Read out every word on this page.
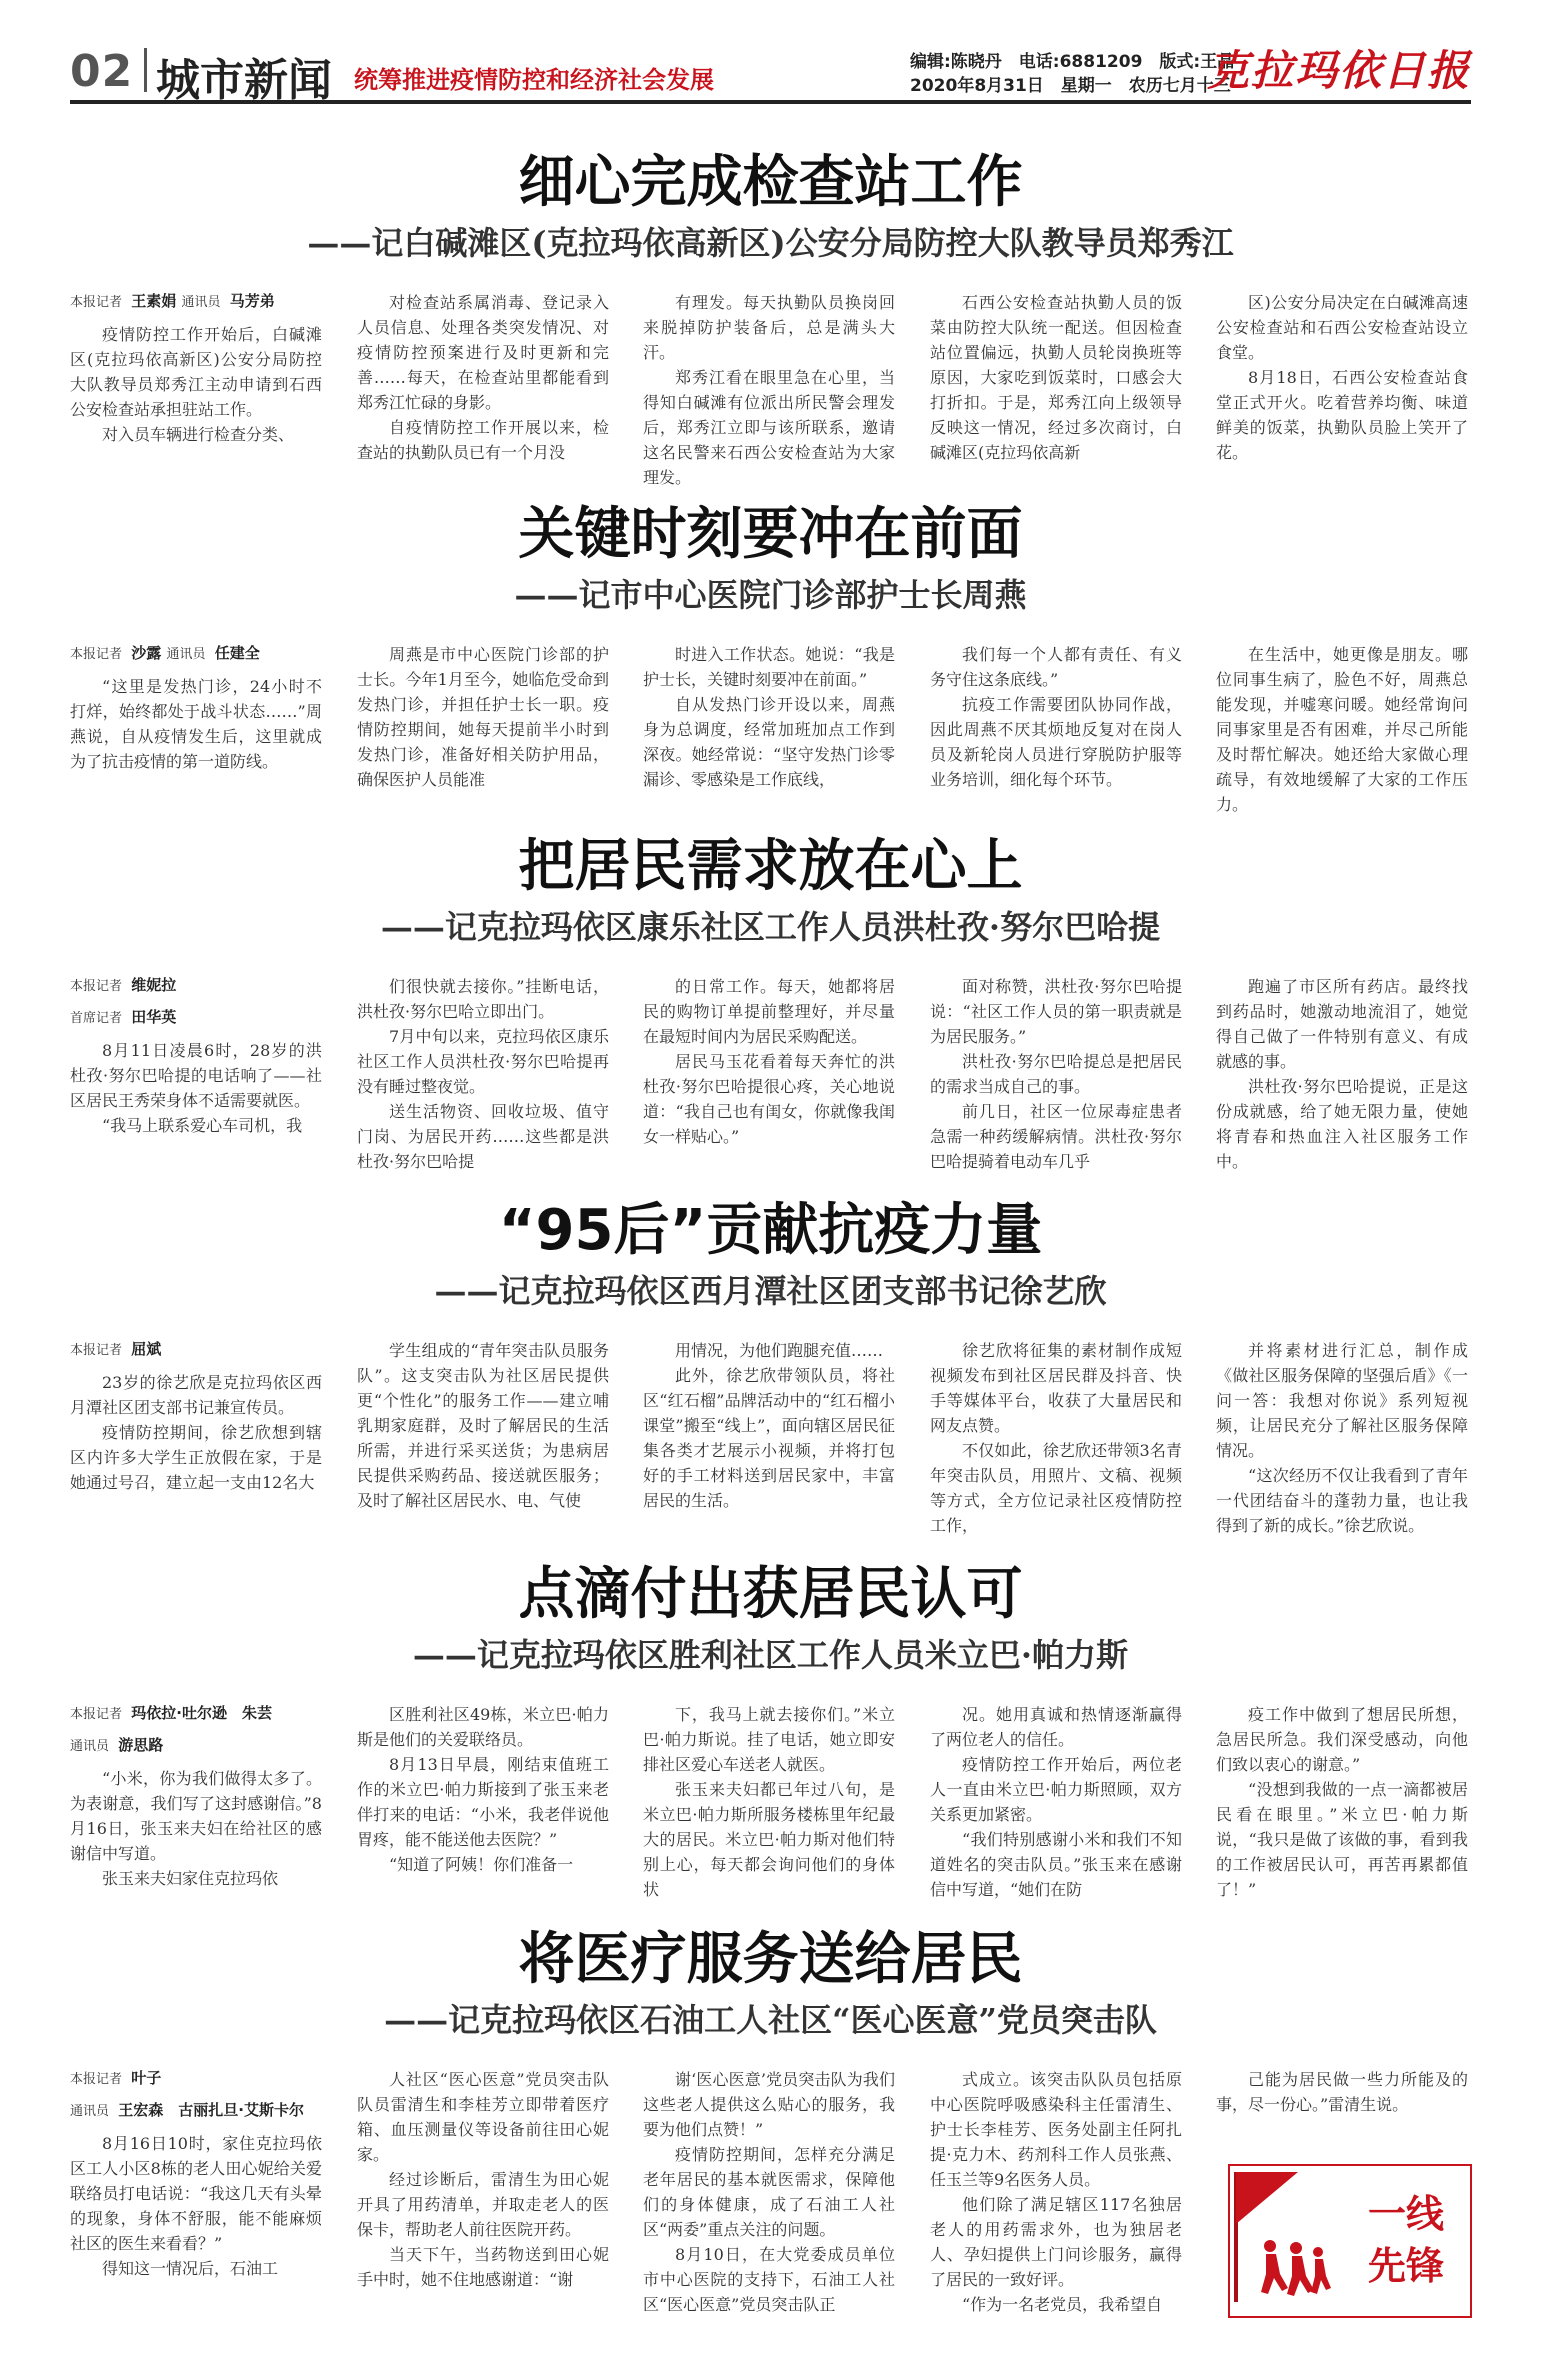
02 城市新闻 统筹推进疫情防控和经济社会发展
编辑:陈晓丹　电话:6881209　版式:王晶
2020年8月31日　星期一　农历七月十三
克拉玛依日报
细心完成检查站工作
——记白碱滩区(克拉玛依高新区)公安分局防控大队教导员郑秀江
本报记者 王素娟 通讯员 马芳弟

疫情防控工作开始后，白碱滩区(克拉玛依高新区)公安分局防控大队教导员郑秀江主动申请到石西公安检查站承担驻站工作。

对入员车辆进行检查分类、

对检查站系属消毒、登记录入人员信息、处理各类突发情况、对疫情防控预案进行及时更新和完善……每天，在检查站里都能看到郑秀江忙碌的身影。

自疫情防控工作开展以来，检查站的执勤队员已有一个月没

有理发。每天执勤队员换岗回来脱掉防护装备后，总是满头大汗。

郑秀江看在眼里急在心里，当得知白碱滩有位派出所民警会理发后，郑秀江立即与该所联系，邀请这名民警来石西公安检查站为大家理发。

石西公安检查站执勤人员的饭菜由防控大队统一配送。但因检查站位置偏远，执勤人员轮岗换班等原因，大家吃到饭菜时，口感会大打折扣。于是，郑秀江向上级领导反映这一情况，经过多次商讨，白碱滩区(克拉玛依高新

区)公安分局决定在白碱滩高速公安检查站和石西公安检查站设立食堂。

8月18日，石西公安检查站食堂正式开火。吃着营养均衡、味道鲜美的饭菜，执勤队员脸上笑开了花。

关键时刻要冲在前面
——记市中心医院门诊部护士长周燕
本报记者 沙露 通讯员 任建全

“这里是发热门诊，24小时不打烊，始终都处于战斗状态……”周燕说，自从疫情发生后，这里就成为了抗击疫情的第一道防线。

周燕是市中心医院门诊部的护士长。今年1月至今，她临危受命到发热门诊，并担任护士长一职。疫情防控期间，她每天提前半小时到发热门诊，准备好相关防护用品，确保医护人员能准

时进入工作状态。她说：“我是护士长，关键时刻要冲在前面。”

自从发热门诊开设以来，周燕身为总调度，经常加班加点工作到深夜。她经常说：“坚守发热门诊零漏诊、零感染是工作底线，

我们每一个人都有责任、有义务守住这条底线。”

抗疫工作需要团队协同作战，因此周燕不厌其烦地反复对在岗人员及新轮岗人员进行穿脱防护服等业务培训，细化每个环节。

在生活中，她更像是朋友。哪位同事生病了，脸色不好，周燕总能发现，并嘘寒问暖。她经常询问同事家里是否有困难，并尽己所能及时帮忙解决。她还给大家做心理疏导，有效地缓解了大家的工作压力。

把居民需求放在心上
——记克拉玛依区康乐社区工作人员洪杜孜·努尔巴哈提
本报记者 维妮拉
首席记者 田华英

8月11日凌晨6时，28岁的洪杜孜·努尔巴哈提的电话响了——社区居民王秀荣身体不适需要就医。

“我马上联系爱心车司机，我

们很快就去接你。”挂断电话，洪杜孜·努尔巴哈立即出门。

7月中旬以来，克拉玛依区康乐社区工作人员洪杜孜·努尔巴哈提再没有睡过整夜觉。

送生活物资、回收垃圾、值守门岗、为居民开药……这些都是洪杜孜·努尔巴哈提

的日常工作。每天，她都将居民的购物订单提前整理好，并尽量在最短时间内为居民采购配送。

居民马玉花看着每天奔忙的洪杜孜·努尔巴哈提很心疼，关心地说道：“我自己也有闺女，你就像我闺女一样贴心。”

面对称赞，洪杜孜·努尔巴哈提说：“社区工作人员的第一职责就是为居民服务。”

洪杜孜·努尔巴哈提总是把居民的需求当成自己的事。

前几日，社区一位尿毒症患者急需一种药缓解病情。洪杜孜·努尔巴哈提骑着电动车几乎

跑遍了市区所有药店。最终找到药品时，她激动地流泪了，她觉得自己做了一件特别有意义、有成就感的事。

洪杜孜·努尔巴哈提说，正是这份成就感，给了她无限力量，使她将青春和热血注入社区服务工作中。

“95后”贡献抗疫力量
——记克拉玛依区西月潭社区团支部书记徐艺欣
本报记者 屈斌

23岁的徐艺欣是克拉玛依区西月潭社区团支部书记兼宣传员。

疫情防控期间，徐艺欣想到辖区内许多大学生正放假在家，于是她通过号召，建立起一支由12名大

学生组成的“青年突击队员服务队”。这支突击队为社区居民提供更“个性化”的服务工作——建立哺乳期家庭群，及时了解居民的生活所需，并进行采买送货；为患病居民提供采购药品、接送就医服务；及时了解社区居民水、电、气使

用情况，为他们跑腿充值……

此外，徐艺欣带领队员，将社区“红石榴”品牌活动中的“红石榴小课堂”搬至“线上”，面向辖区居民征集各类才艺展示小视频，并将打包好的手工材料送到居民家中，丰富居民的生活。

徐艺欣将征集的素材制作成短视频发布到社区居民群及抖音、快手等媒体平台，收获了大量居民和网友点赞。

不仅如此，徐艺欣还带领3名青年突击队员，用照片、文稿、视频等方式，全方位记录社区疫情防控工作，

并将素材进行汇总，制作成《做社区服务保障的坚强后盾》《一问一答：我想对你说》系列短视频，让居民充分了解社区服务保障情况。

“这次经历不仅让我看到了青年一代团结奋斗的蓬勃力量，也让我得到了新的成长。”徐艺欣说。

点滴付出获居民认可
——记克拉玛依区胜利社区工作人员米立巴·帕力斯
本报记者 玛依拉·吐尔逊　朱芸
通讯员 游思路

“小米，你为我们做得太多了。为表谢意，我们写了这封感谢信。”8月16日，张玉来夫妇在给社区的感谢信中写道。

张玉来夫妇家住克拉玛依

区胜利社区49栋，米立巴·帕力斯是他们的关爱联络员。

8月13日早晨，刚结束值班工作的米立巴·帕力斯接到了张玉来老伴打来的电话：“小米，我老伴说他胃疼，能不能送他去医院？”

“知道了阿姨！你们准备一

下，我马上就去接你们。”米立巴·帕力斯说。挂了电话，她立即安排社区爱心车送老人就医。

张玉来夫妇都已年过八旬，是米立巴·帕力斯所服务楼栋里年纪最大的居民。米立巴·帕力斯对他们特别上心，每天都会询问他们的身体状

况。她用真诚和热情逐渐赢得了两位老人的信任。

疫情防控工作开始后，两位老人一直由米立巴·帕力斯照顾，双方关系更加紧密。

“我们特别感谢小米和我们不知道姓名的突击队员。”张玉来在感谢信中写道，“她们在防

疫工作中做到了想居民所想，急居民所急。我们深受感动，向他们致以衷心的谢意。”

“没想到我做的一点一滴都被居民看在眼里。”米立巴·帕力斯说，“我只是做了该做的事，看到我的工作被居民认可，再苦再累都值了！”

将医疗服务送给居民
——记克拉玛依区石油工人社区“医心医意”党员突击队
本报记者 叶子
通讯员 王宏森　古丽扎旦·艾斯卡尔

8月16日10时，家住克拉玛依区工人小区8栋的老人田心妮给关爱联络员打电话说：“我这几天有头晕的现象，身体不舒服，能不能麻烦社区的医生来看看？”

得知这一情况后，石油工

人社区“医心医意”党员突击队队员雷清生和李桂芳立即带着医疗箱、血压测量仪等设备前往田心妮家。

经过诊断后，雷清生为田心妮开具了用药清单，并取走老人的医保卡，帮助老人前往医院开药。

当天下午，当药物送到田心妮手中时，她不住地感谢道：“谢

谢‘医心医意’党员突击队为我们这些老人提供这么贴心的服务，我要为他们点赞！”

疫情防控期间，怎样充分满足老年居民的基本就医需求，保障他们的身体健康，成了石油工人社区“两委”重点关注的问题。

8月10日，在大党委成员单位市中心医院的支持下，石油工人社区“医心医意”党员突击队正

式成立。该突击队队员包括原中心医院呼吸感染科主任雷清生、护士长李桂芳、医务处副主任阿扎提·克力木、药剂科工作人员张燕、任玉兰等9名医务人员。

他们除了满足辖区117名独居老人的用药需求外，也为独居老人、孕妇提供上门问诊服务，赢得了居民的一致好评。

“作为一名老党员，我希望自

己能为居民做一些力所能及的事，尽一份心。”雷清生说。

一线
先锋
